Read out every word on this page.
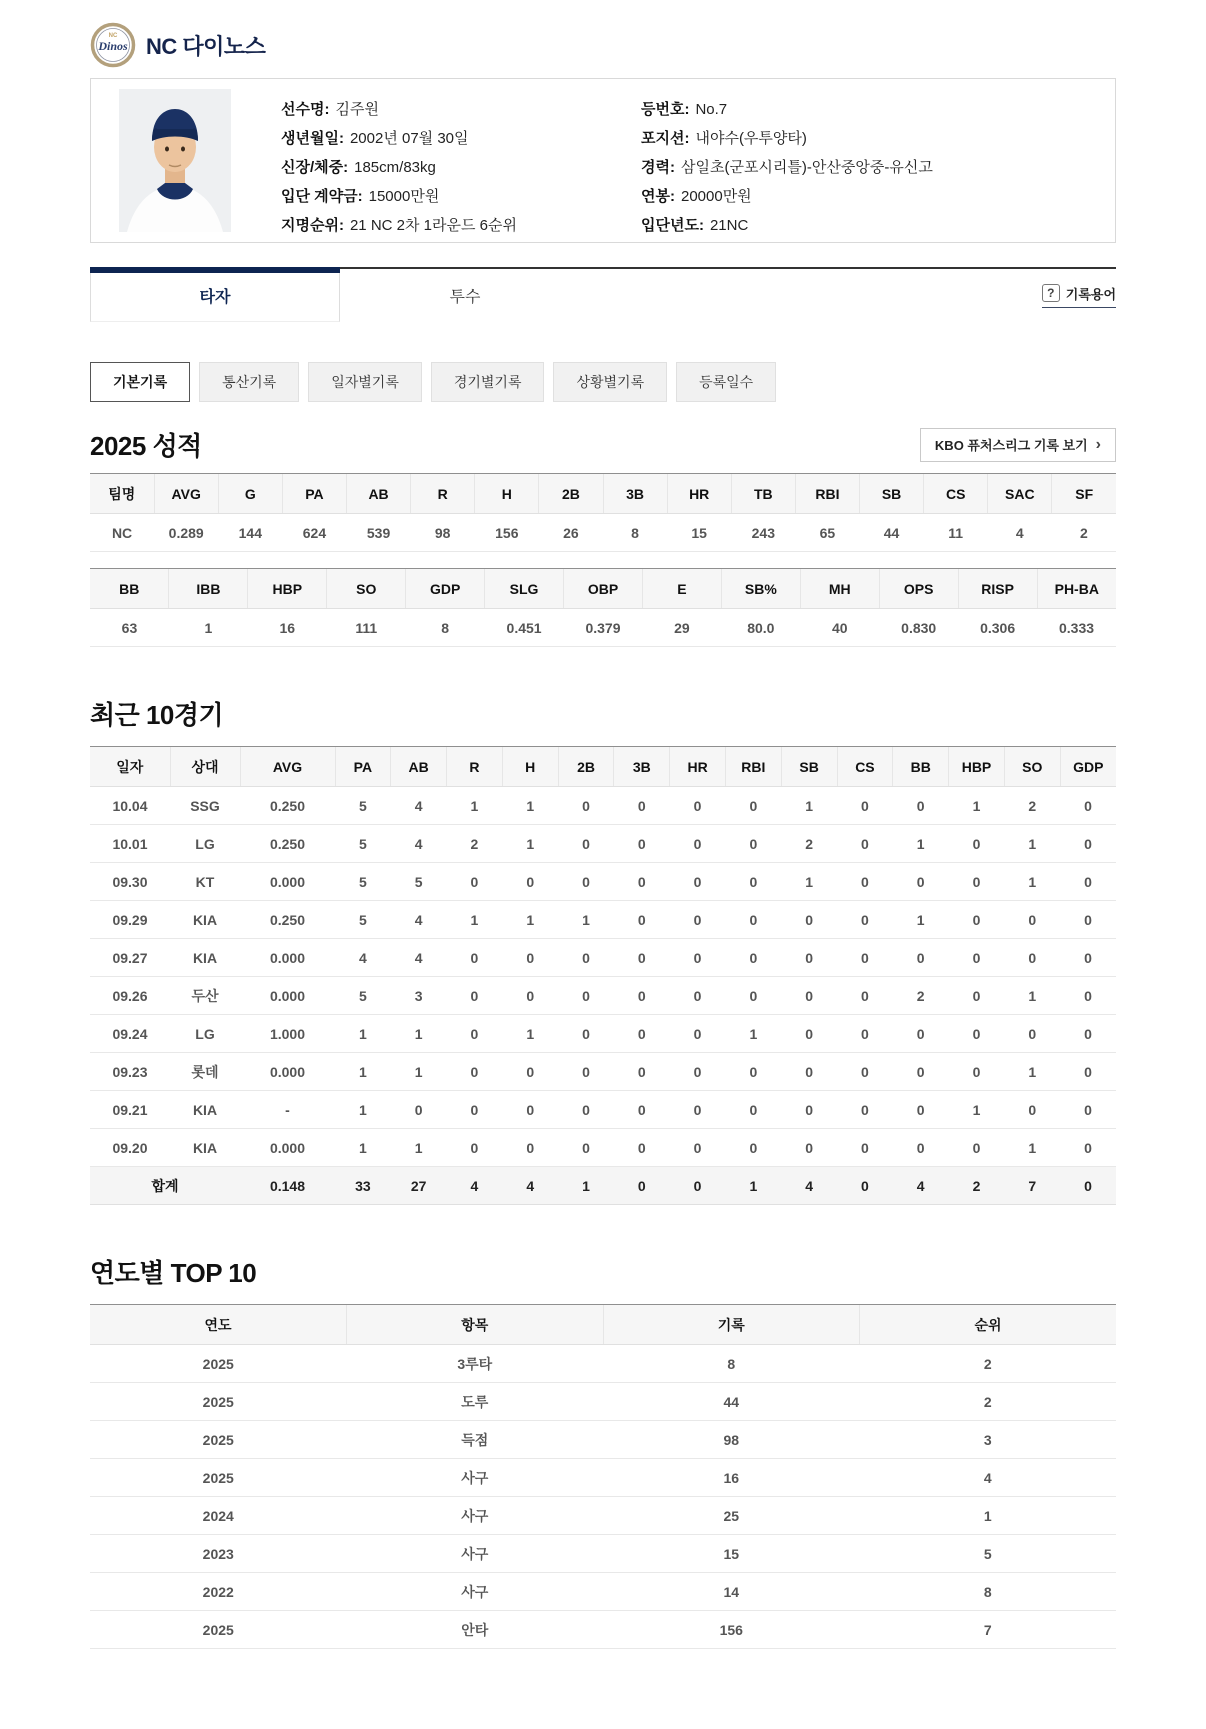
NC
Dinos NC 다이노스
선수명: 김주원
생년월일: 2002년 07월 30일
신장/체중: 185cm/83kg
입단 계약금: 15000만원
지명순위: 21 NC 2차 1라운드 6순위
등번호: No.7
포지션: 내야수(우투양타)
경력: 삼일초(군포시리틀)-안산중앙중-유신고
연봉: 20000만원
입단년도: 21NC
타자	투수	? 기록용어
기본기록	통산기록	일자별기록	경기별기록	상황별기록	등록일수
2025 성적	KBO 퓨처스리그 기록 보기 ›
팀명	AVG	G	PA	AB	R	H	2B	3B	HR	TB	RBI	SB	CS	SAC	SF
NC	0.289	144	624	539	98	156	26	8	15	243	65	44	11	4	2
BB	IBB	HBP	SO	GDP	SLG	OBP	E	SB%	MH	OPS	RISP	PH-BA
63	1	16	111	8	0.451	0.379	29	80.0	40	0.830	0.306	0.333
최근 10경기
일자	상대	AVG	PA	AB	R	H	2B	3B	HR	RBI	SB	CS	BB	HBP	SO	GDP
10.04	SSG	0.250	5	4	1	1	0	0	0	0	1	0	0	1	2	0
10.01	LG	0.250	5	4	2	1	0	0	0	0	2	0	1	0	1	0
09.30	KT	0.000	5	5	0	0	0	0	0	0	1	0	0	0	1	0
09.29	KIA	0.250	5	4	1	1	1	0	0	0	0	0	1	0	0	0
09.27	KIA	0.000	4	4	0	0	0	0	0	0	0	0	0	0	0	0
09.26	두산	0.000	5	3	0	0	0	0	0	0	0	0	2	0	1	0
09.24	LG	1.000	1	1	0	1	0	0	0	1	0	0	0	0	0	0
09.23	롯데	0.000	1	1	0	0	0	0	0	0	0	0	0	0	1	0
09.21	KIA	-	1	0	0	0	0	0	0	0	0	0	0	1	0	0
09.20	KIA	0.000	1	1	0	0	0	0	0	0	0	0	0	0	1	0
합계		0.148	33	27	4	4	1	0	0	1	4	0	4	2	7	0
연도별 TOP 10
연도	항목	기록	순위
2025	3루타	8	2
2025	도루	44	2
2025	득점	98	3
2025	사구	16	4
2024	사구	25	1
2023	사구	15	5
2022	사구	14	8
2025	안타	156	7
